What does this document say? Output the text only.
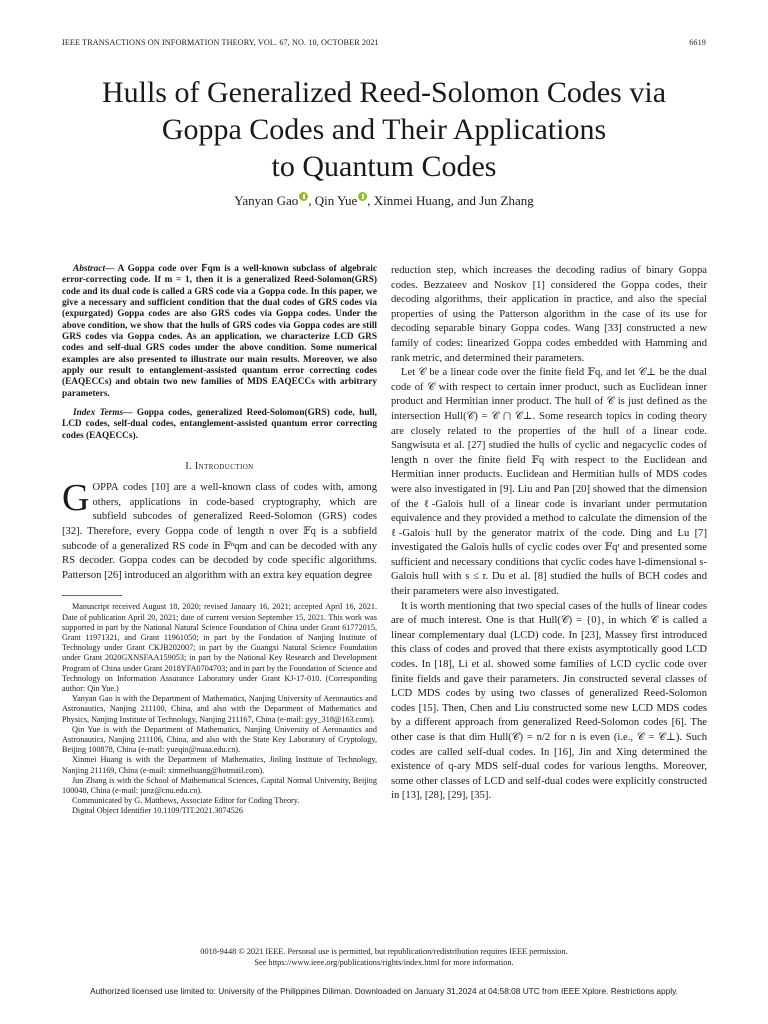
IEEE TRANSACTIONS ON INFORMATION THEORY, VOL. 67, NO. 10, OCTOBER 2021	6619
Hulls of Generalized Reed-Solomon Codes via
Goppa Codes and Their Applications
to Quantum Codes
Yanyan Gao , Qin Yue , Xinmei Huang, and Jun Zhang

Abstract— A Goppa code over 𝔽qm is a well-known subclass of algebraic error-correcting code. If m = 1, then it is a generalized Reed-Solomon(GRS) code and its dual code is called a GRS code via a Goppa code. In this paper, we give a necessary and sufficient condition that the dual codes of GRS codes via (expurgated) Goppa codes are also GRS codes via Goppa codes. Under the above condition, we show that the hulls of GRS codes via Goppa codes are still GRS codes via Goppa codes. As an application, we characterize LCD GRS codes and self-dual GRS codes under the above condition. Some numerical examples are also presented to illustrate our main results. Moreover, we also apply our result to entanglement-assisted quantum error correcting codes (EAQECCs) and obtain two new families of MDS EAQECCs with arbitrary parameters.

Index Terms— Goppa codes, generalized Reed-Solomon(GRS) code, hull, LCD codes, self-dual codes, entanglement-assisted quantum error correcting codes (EAQECCs).

I. Introduction

GOPPA codes [10] are a well-known class of codes with, among others, applications in code-based cryptography, which are subfield subcodes of generalized Reed-Solomon (GRS) codes [32]. Therefore, every Goppa code of length n over 𝔽q is a subfield subcode of a generalized RS code in 𝔽ⁿqm and can be decoded with any RS decoder. Goppa codes can be decoded by code specific algorithms. Patterson [26] introduced an algorithm with an extra key equation degree

Manuscript received August 18, 2020; revised January 16, 2021; accepted April 16, 2021. Date of publication April 20, 2021; date of current version September 15, 2021. This work was supported in part by the National Natural Science Foundation of China under Grant 61772015, Grant 11971321, and Grant 11961050; in part by the Fondation of Nanjing Institute of Technology under Grant CKJB202007; in part by the Guangxi Natural Science Foundation under Grant 2020GXNSFAA159053; in part by the National Key Research and Development Program of China under Grant 2018YFA0704703; and in part by the Foundation of Science and Technology on Information Assurance Laboratory under Grant KJ-17-010. (Corresponding author: Qin Yue.)

Yanyan Gao is with the Department of Mathematics, Nanjing University of Aeronautics and Astronautics, Nanjing 211100, China, and also with the Department of Mathematics and Physics, Nanjing Institute of Technology, Nanjing 211167, China (e-mail: gyy_318@163.com).

Qin Yue is with the Department of Mathematics, Nanjing University of Aeronautics and Astronautics, Nanjing 211106, China, and also with the State Key Laboratory of Cryptology, Beijing 100878, China (e-mail: yueqin@nuaa.edu.cn).

Xinmei Huang is with the Department of Mathematics, Jinling Institute of Technology, Nanjing 211169, China (e-mail: xinmeihuang@hotmail.com).

Jun Zhang is with the School of Mathematical Sciences, Capital Normal University, Beijing 100048, China (e-mail: junz@cnu.edu.cn).

Communicated by G. Matthews, Associate Editor for Coding Theory.

Digital Object Identifier 10.1109/TIT.2021.3074526

reduction step, which increases the decoding radius of binary Goppa codes. Bezzateev and Noskov [1] considered the Goppa codes, their decoding algorithms, their application in practice, and also the special properties of using the Patterson algorithm in the case of its use for decoding separable binary Goppa codes. Wang [33] constructed a new family of codes: linearized Goppa codes embedded with Hamming and rank metric, and determined their parameters.

Let 𝒞 be a linear code over the finite field 𝔽q, and let 𝒞⊥ be the dual code of 𝒞 with respect to certain inner product, such as Euclidean inner product and Hermitian inner product. The hull of 𝒞 is just defined as the intersection Hull(𝒞) = 𝒞 ⋂ 𝒞⊥. Some research topics in coding theory are closely related to the properties of the hull of a linear code. Sangwisuta et al. [27] studied the hulls of cyclic and negacyclic codes of length n over the finite field 𝔽q with respect to the Euclidean and Hermitian inner products. Euclidean and Hermitian hulls of MDS codes were also investigated in [9]. Liu and Pan [20] showed that the dimension of the ℓ-Galois hull of a linear code is invariant under permutation equivalence and they provided a method to calculate the dimension of the ℓ-Galois hull by the generator matrix of the code. Ding and Lu [7] investigated the Galois hulls of cyclic codes over 𝔽qʳ and presented some sufficient and necessary conditions that cyclic codes have l-dimensional s-Galois hull with s ≤ r. Du et al. [8] studied the hulls of BCH codes and their parameters were also investigated.

It is worth mentioning that two special cases of the hulls of linear codes are of much interest. One is that Hull(𝒞) = {0}, in which 𝒞 is called a linear complementary dual (LCD) code. In [23], Massey first introduced this class of codes and proved that there exists asymptotically good LCD codes. In [18], Li et al. showed some families of LCD cyclic code over finite fields and gave their parameters. Jin constructed several classes of LCD MDS codes by using two classes of generalized Reed-Solomon codes [15]. Then, Chen and Liu constructed some new LCD MDS codes by a different approach from generalized Reed-Solomon codes [6]. The other case is that dim Hull(𝒞) = n/2 for n is even (i.e., 𝒞 = 𝒞⊥). Such codes are called self-dual codes. In [16], Jin and Xing determined the existence of q-ary MDS self-dual codes for various lengths. Moreover, some other classes of LCD and self-dual codes were explicitly constructed in [13], [28], [29], [35].

0018-9448 © 2021 IEEE. Personal use is permitted, but republication/redistribution requires IEEE permission.
See https://www.ieee.org/publications/rights/index.html for more information.
Authorized licensed use limited to: University of the Philippines Diliman. Downloaded on January 31,2024 at 04:58:08 UTC from IEEE Xplore. Restrictions apply.
